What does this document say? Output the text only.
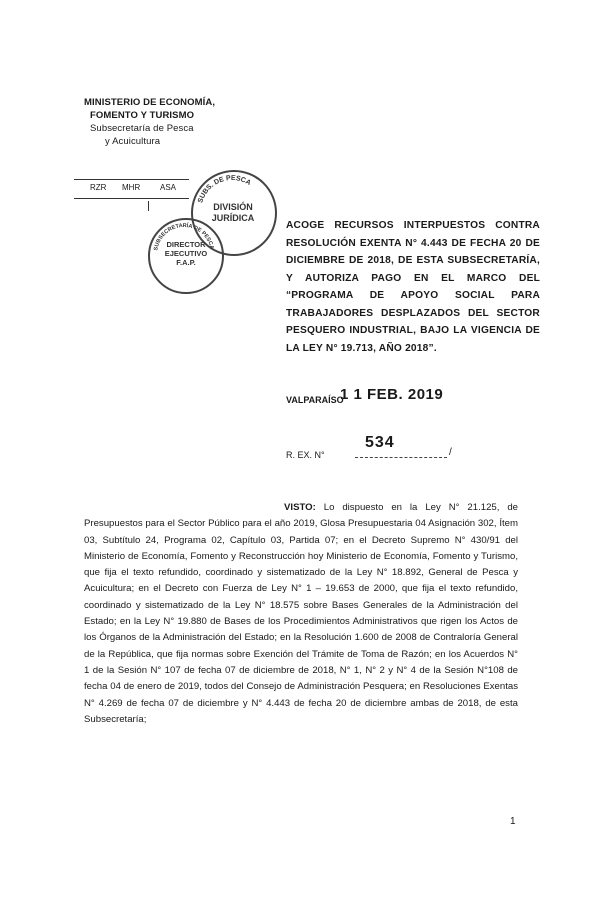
MINISTERIO DE ECONOMÍA,
FOMENTO Y TURISMO
Subsecretaría de Pesca
y Acuicultura
RZR MHR ASA
SUBS. DE PESCA
DIVISIÓN
JURÍDICA
SUBSECRETARÍA DE PESCA
DIRECTOR
EJECUTIVO
F.A.P.
ACOGE RECURSOS INTERPUESTOS CONTRA RESOLUCIÓN EXENTA N° 4.443 DE FECHA 20 DE DICIEMBRE DE 2018, DE ESTA SUBSECRETARÍA, Y AUTORIZA PAGO EN EL MARCO DEL “PROGRAMA DE APOYO SOCIAL PARA TRABAJADORES DESPLAZADOS DEL SECTOR PESQUERO INDUSTRIAL, BAJO LA VIGENCIA DE LA LEY N° 19.713, AÑO 2018”.
VALPARAÍSO
1 1 FEB. 2019
R. EX. N°
534
/
VISTO: Lo dispuesto en la Ley N° 21.125, de Presupuestos para el Sector Público para el año 2019, Glosa Presupuestaria 04 Asignación 302, Ítem 03, Subtítulo 24, Programa 02, Capítulo 03, Partida 07; en el Decreto Supremo N° 430/91 del Ministerio de Economía, Fomento y Reconstrucción hoy Ministerio de Economía, Fomento y Turismo, que fija el texto refundido, coordinado y sistematizado de la Ley N° 18.892, General de Pesca y Acuicultura; en el Decreto con Fuerza de Ley N° 1 – 19.653 de 2000, que fija el texto refundido, coordinado y sistematizado de la Ley N° 18.575 sobre Bases Generales de la Administración del Estado; en la Ley N° 19.880 de Bases de los Procedimientos Administrativos que rigen los Actos de los Órganos de la Administración del Estado; en la Resolución 1.600 de 2008 de Contraloría General de la República, que fija normas sobre Exención del Trámite de Toma de Razón; en los Acuerdos N° 1 de la Sesión N° 107 de fecha 07 de diciembre de 2018, N° 1, N° 2 y N° 4 de la Sesión N°108 de fecha 04 de enero de 2019, todos del Consejo de Administración Pesquera; en Resoluciones Exentas N° 4.269 de fecha 07 de diciembre y N° 4.443 de fecha 20 de diciembre ambas de 2018, de esta Subsecretaría;
1
